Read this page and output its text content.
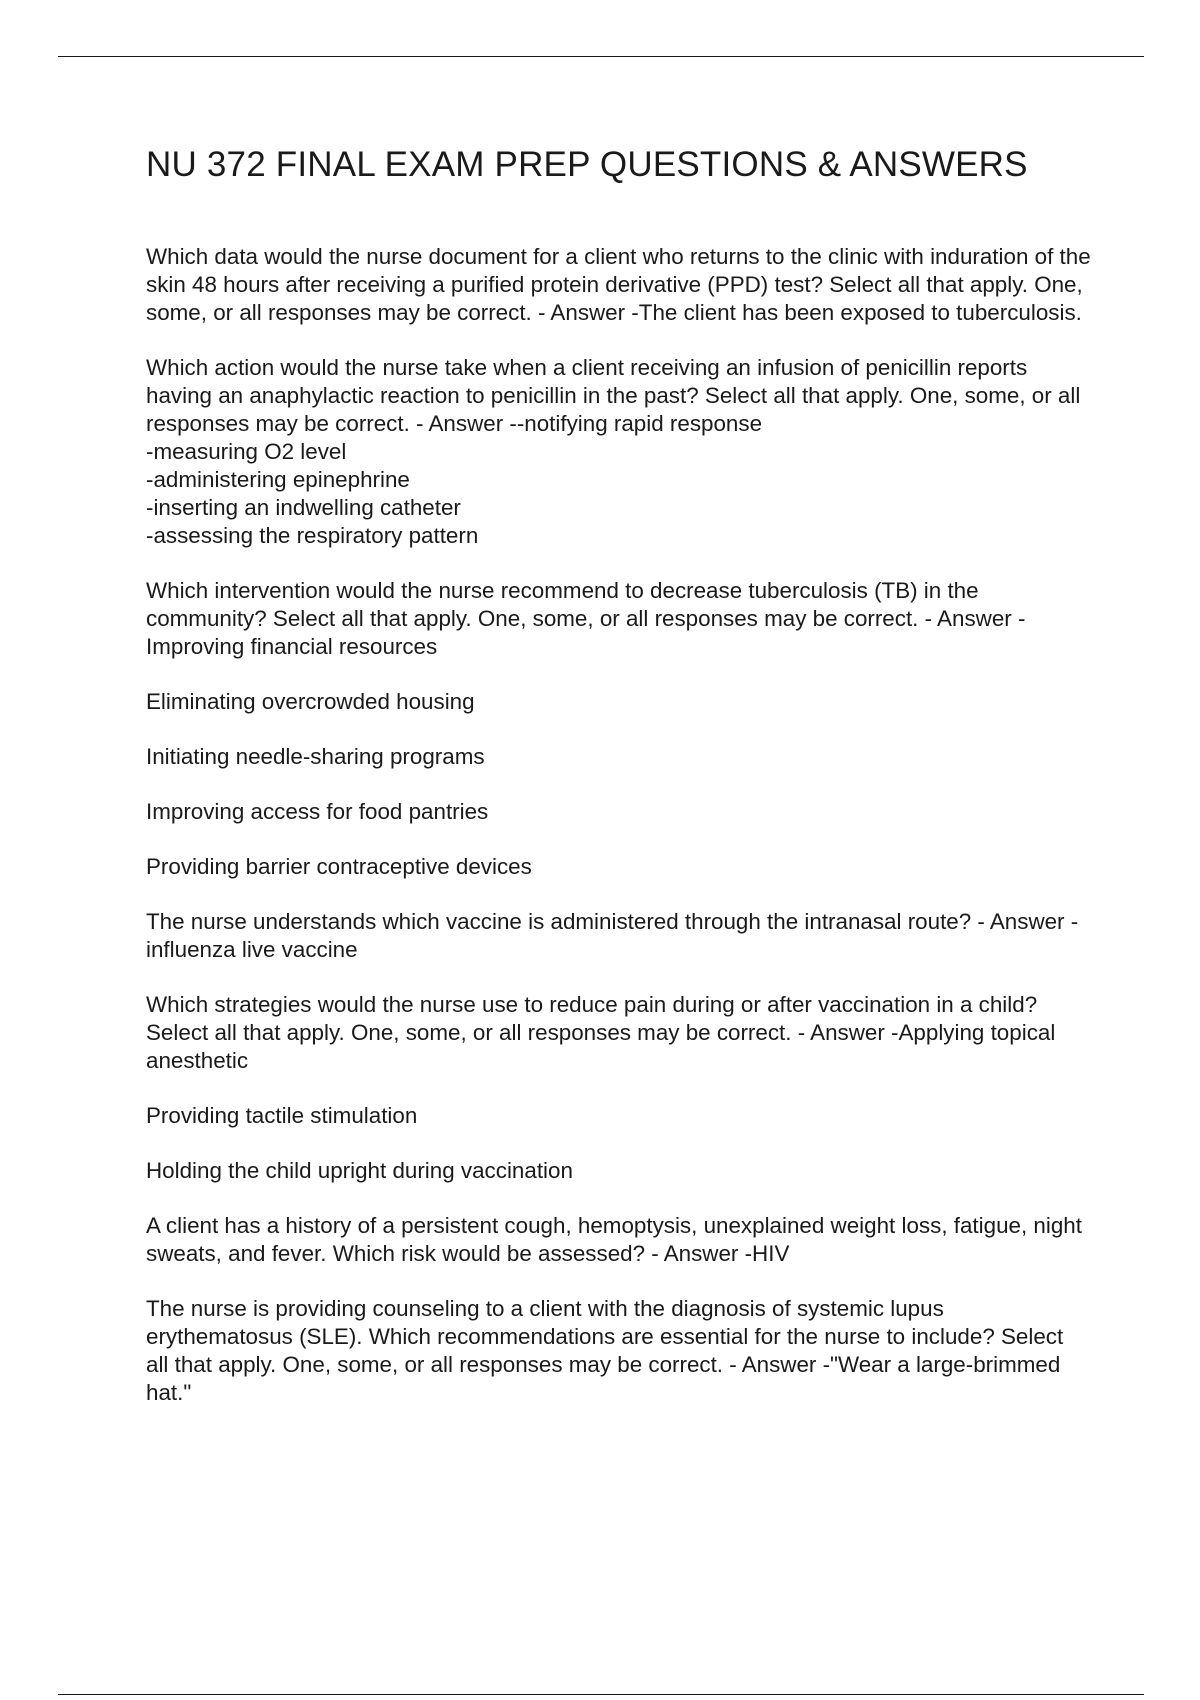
NU 372 FINAL EXAM PREP QUESTIONS & ANSWERS

Which data would the nurse document for a client who returns to the clinic with induration of the skin 48 hours after receiving a purified protein derivative (PPD) test? Select all that apply. One, some, or all responses may be correct. - Answer -The client has been exposed to tuberculosis.

Which action would the nurse take when a client receiving an infusion of penicillin reports having an anaphylactic reaction to penicillin in the past? Select all that apply. One, some, or all responses may be correct. - Answer --notifying rapid response
-measuring O2 level
-administering epinephrine
-inserting an indwelling catheter
-assessing the respiratory pattern

Which intervention would the nurse recommend to decrease tuberculosis (TB) in the community? Select all that apply. One, some, or all responses may be correct. - Answer -Improving financial resources

Eliminating overcrowded housing

Initiating needle-sharing programs

Improving access for food pantries

Providing barrier contraceptive devices

The nurse understands which vaccine is administered through the intranasal route? - Answer -influenza live vaccine

Which strategies would the nurse use to reduce pain during or after vaccination in a child? Select all that apply. One, some, or all responses may be correct. - Answer -Applying topical anesthetic

Providing tactile stimulation

Holding the child upright during vaccination

A client has a history of a persistent cough, hemoptysis, unexplained weight loss, fatigue, night sweats, and fever. Which risk would be assessed? - Answer -HIV

The nurse is providing counseling to a client with the diagnosis of systemic lupus erythematosus (SLE). Which recommendations are essential for the nurse to include? Select all that apply. One, some, or all responses may be correct. - Answer -"Wear a large-brimmed hat."
